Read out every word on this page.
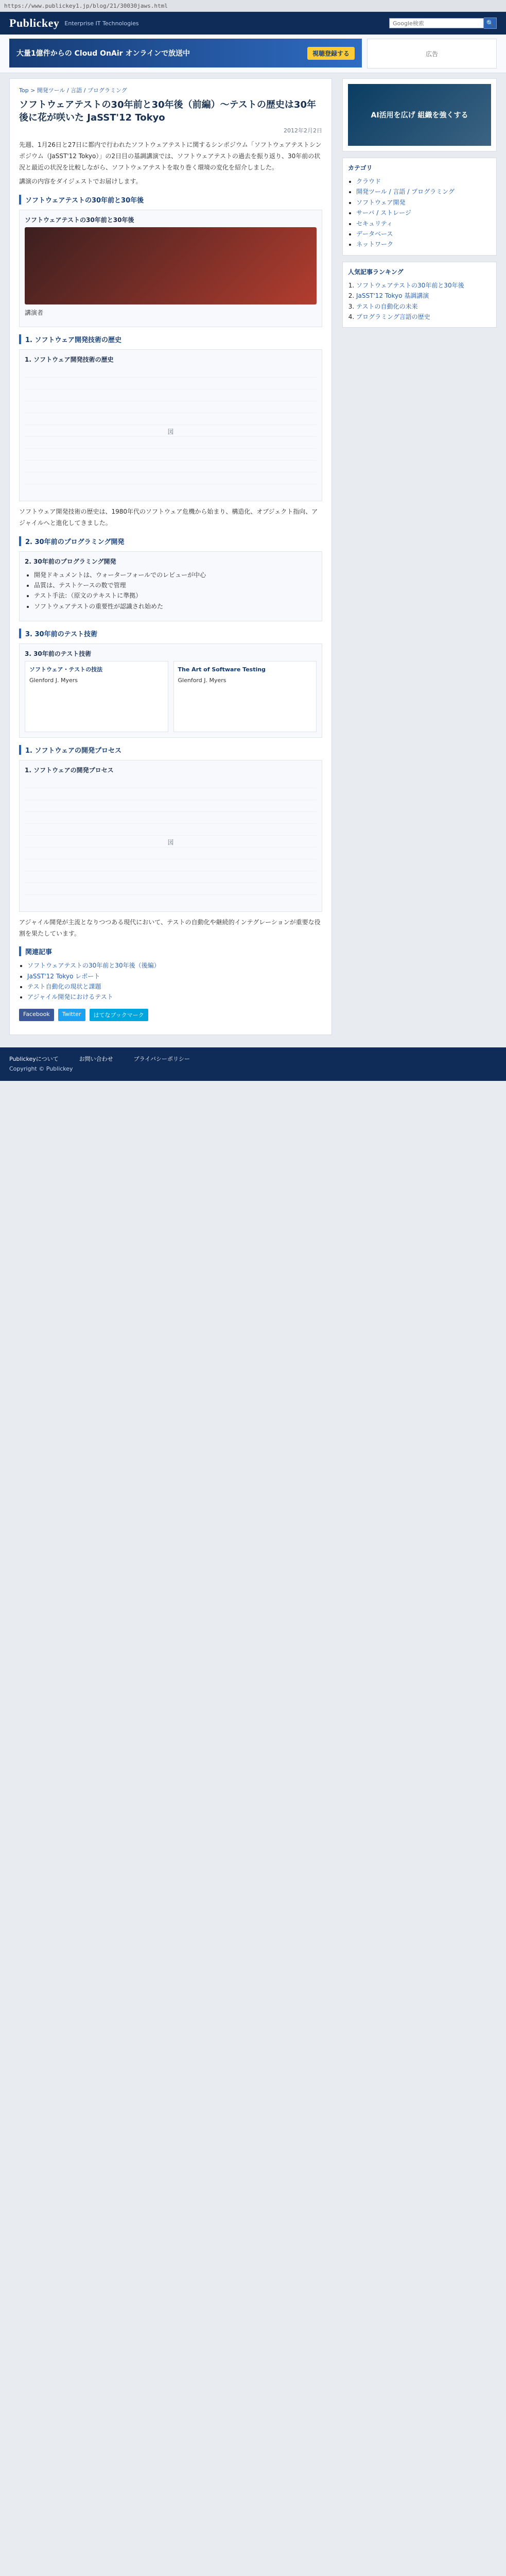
https://www.publickey1.jp/blog/21/30030jaws.html
Publickey Enterprise IT Technologies
Google検索	🔍
大量1億件からの Cloud OnAir オンラインで放送中	視聴登録する	広告
Top > 開発ツール / 言語 / プログラミング
ソフトウェアテストの30年前と30年後（前編）〜テストの歴史は30年後に花が咲いた JaSST'12 Tokyo
2012年2月2日
先週、1月26日と27日に都内で行われたソフトウェアテストに関するシンポジウム「ソフトウェアテストシンポジウム（JaSST'12 Tokyo）」の2日目の基調講演では、ソフトウェアテストの過去を振り返り、30年前の状況と最近の状況を比較しながら、ソフトウェアテストを取り巻く環境の変化を紹介しました。
講演の内容をダイジェストでお届けします。
ソフトウェアテストの30年前と30年後
ソフトウェアテストの30年前と30年後
講演者
1. ソフトウェア開発技術の歴史
1. ソフトウェア開発技術の歴史
図
ソフトウェア開発技術の歴史は、1980年代のソフトウェア危機から始まり、構造化、オブジェクト指向、アジャイルへと進化してきました。
2. 30年前のプログラミング開発
2. 30年前のプログラミング開発
• 開発ドキュメントは、ウォーターフォールでのレビューが中心
• 品質は、テストケースの数で管理
• テスト手法：（原文のテキストに準拠）
• ソフトウェアテストの重要性が認識され始めた
3. 30年前のテスト技術
3. 30年前のテスト技術
ソフトウェア・テストの技法
Glenford J. Myers
The Art of Software Testing
Glenford J. Myers
1. ソフトウェアの開発プロセス
1. ソフトウェアの開発プロセス
図
アジャイル開発が主流となりつつある現代において、テストの自動化や継続的インテグレーションが重要な役割を果たしています。
関連記事
• ソフトウェアテストの30年前と30年後（後編）
• JaSST'12 Tokyo レポート
• テスト自動化の現状と課題
• アジャイル開発におけるテスト
Facebook	Twitter	はてなブックマーク
AI活用を広げ 組織を強くする
カテゴリ
• クラウド
• 開発ツール / 言語 / プログラミング
• ソフトウェア開発
• サーバ / ストレージ
• セキュリティ
• データベース
• ネットワーク
人気記事ランキング
1. ソフトウェアテストの30年前と30年後
2. JaSST'12 Tokyo 基調講演
3. テストの自動化の未来
4. プログラミング言語の歴史
Publickeyについて	お問い合わせ	プライバシーポリシー
Copyright © Publickey
